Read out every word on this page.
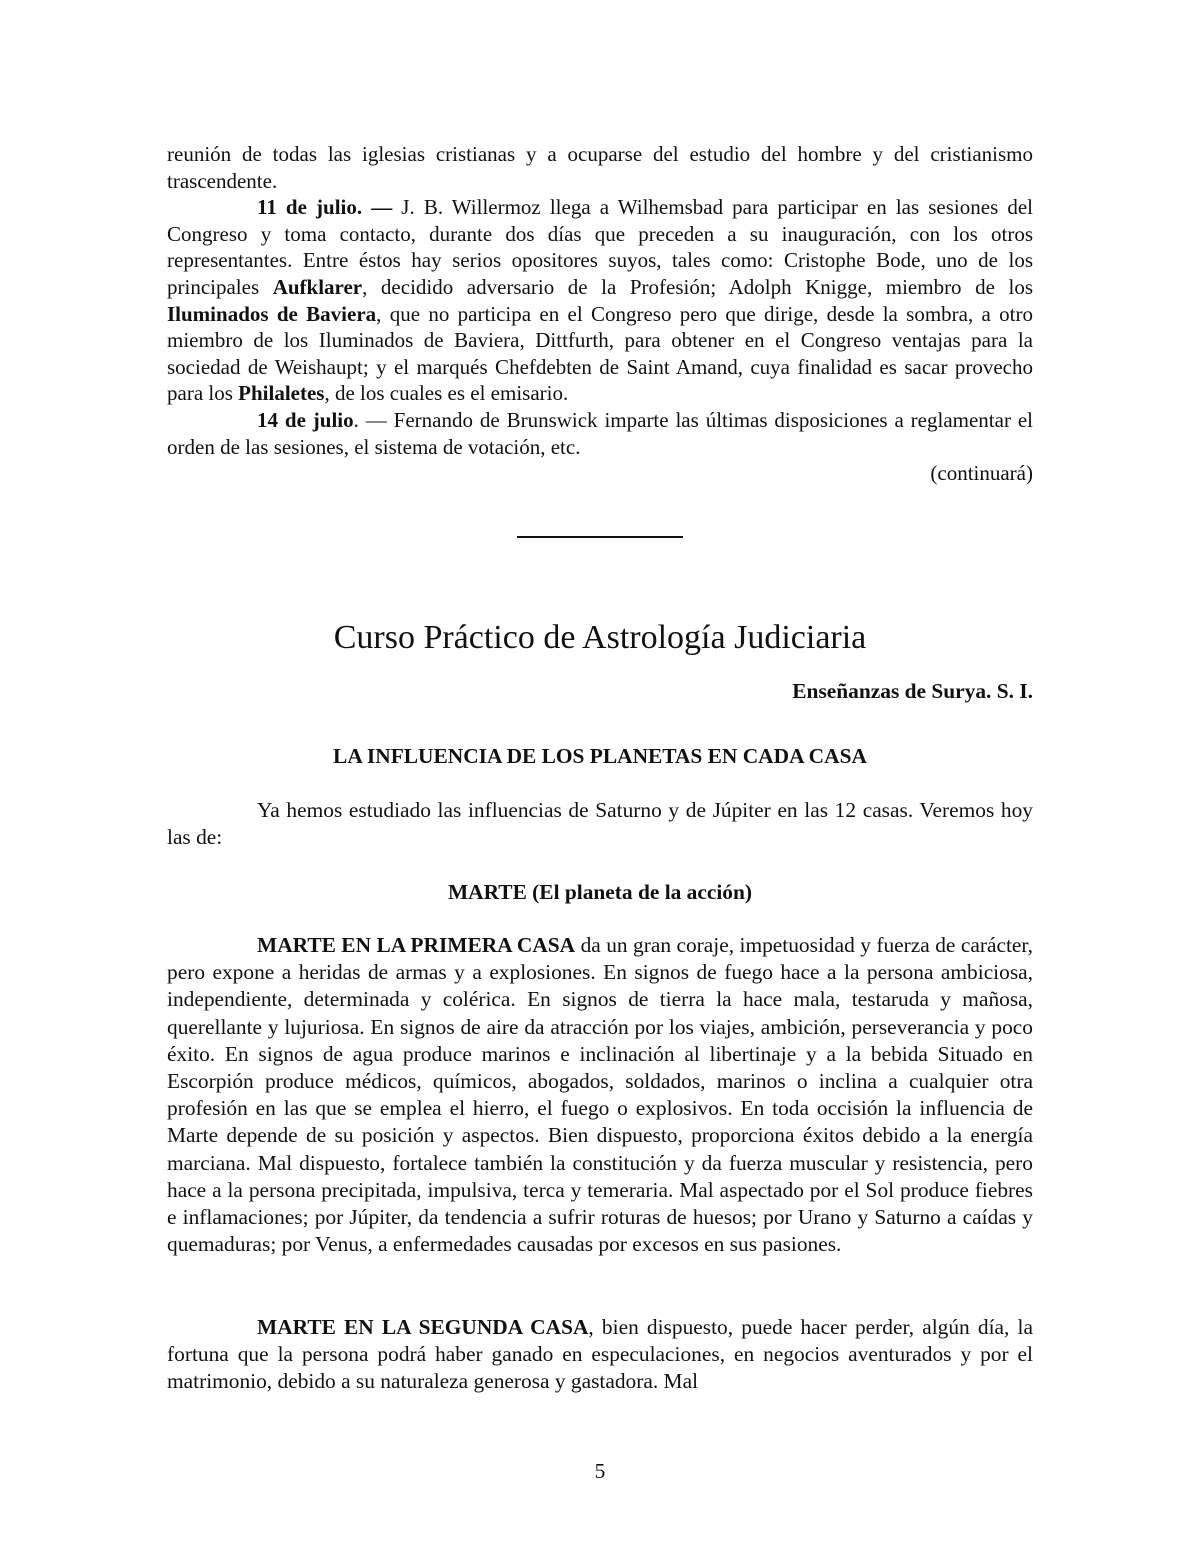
reunión de todas las iglesias cristianas y a ocuparse del estudio del hombre y del cristianismo trascendente.

11 de julio. — J. B. Willermoz llega a Wilhemsbad para participar en las sesiones del Congreso y toma contacto, durante dos días que preceden a su inauguración, con los otros representantes. Entre éstos hay serios opositores suyos, tales como: Cristophe Bode, uno de los principales Aufklarer, decidido adversario de la Profesión; Adolph Knigge, miembro de los Iluminados de Baviera, que no participa en el Congreso pero que dirige, desde la sombra, a otro miembro de los Iluminados de Baviera, Dittfurth, para obtener en el Congreso ventajas para la sociedad de Weishaupt; y el marqués Chefdebten de Saint Amand, cuya finalidad es sacar provecho para los Philaletes, de los cuales es el emisario.

14 de julio. — Fernando de Brunswick imparte las últimas disposiciones a reglamentar el orden de las sesiones, el sistema de votación, etc.

(continuará)

Curso Práctico de Astrología Judiciaria
Enseñanzas de Surya. S. I.
LA INFLUENCIA DE LOS PLANETAS EN CADA CASA

Ya hemos estudiado las influencias de Saturno y de Júpiter en las 12 casas. Veremos hoy las de:

MARTE (El planeta de la acción)

MARTE EN LA PRIMERA CASA da un gran coraje, impetuosidad y fuerza de carácter, pero expone a heridas de armas y a explosiones. En signos de fuego hace a la persona ambiciosa, independiente, determinada y colérica. En signos de tierra la hace mala, testaruda y mañosa, querellante y lujuriosa. En signos de aire da atracción por los viajes, ambición, perseverancia y poco éxito. En signos de agua produce marinos e inclinación al libertinaje y a la bebida Situado en Escorpión produce médicos, químicos, abogados, soldados, marinos o inclina a cualquier otra profesión en las que se emplea el hierro, el fuego o explosivos. En toda occisión la influencia de Marte depende de su posición y aspectos. Bien dispuesto, proporciona éxitos debido a la energía marciana. Mal dispuesto, fortalece también la constitución y da fuerza muscular y resistencia, pero hace a la persona precipitada, impulsiva, terca y temeraria. Mal aspectado por el Sol produce fiebres e inflamaciones; por Júpiter, da tendencia a sufrir roturas de huesos; por Urano y Saturno a caídas y quemaduras; por Venus, a enfermedades causadas por excesos en sus pasiones.

MARTE EN LA SEGUNDA CASA, bien dispuesto, puede hacer perder, algún día, la fortuna que la persona podrá haber ganado en especulaciones, en negocios aventurados y por el matrimonio, debido a su naturaleza generosa y gastadora. Mal

5
